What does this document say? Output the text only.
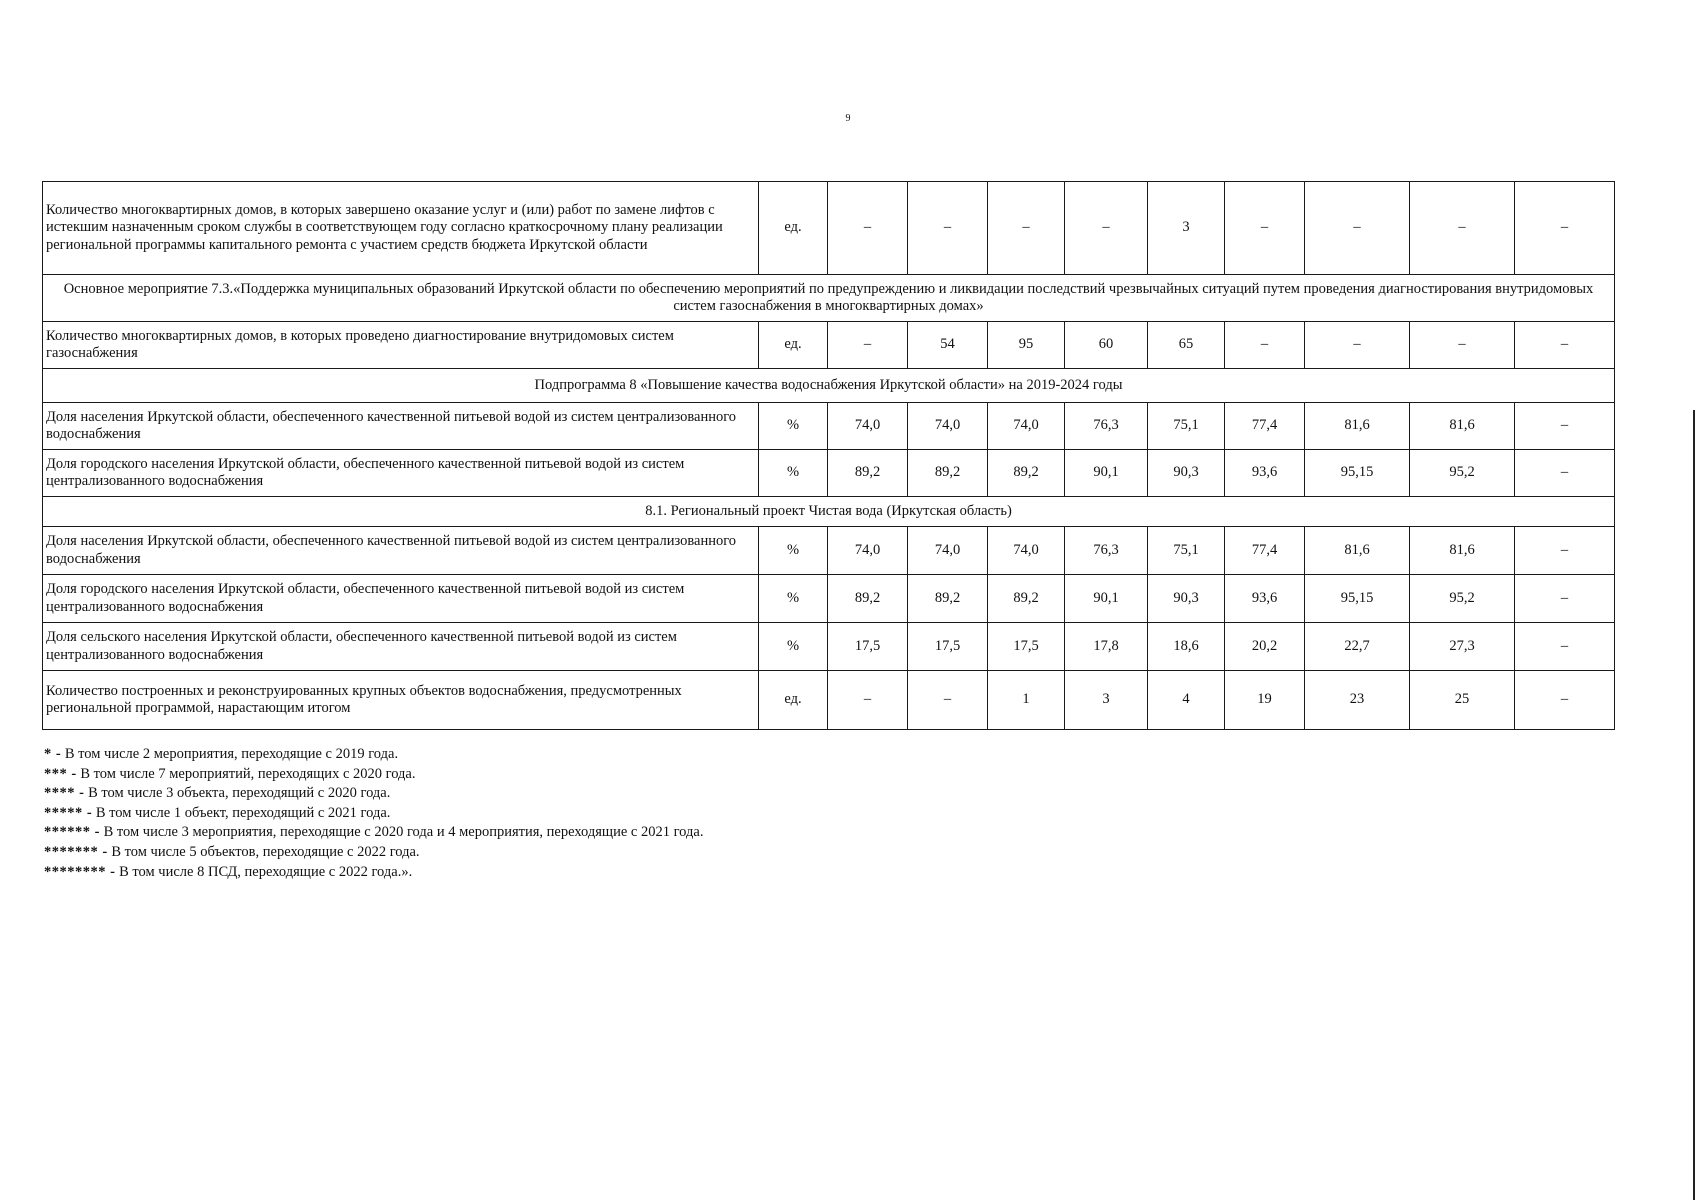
9
Количество многоквартирных домов, в которых завершено оказание услуг и (или) работ по замене лифтов с истекшим назначенным сроком службы в соответствующем году согласно краткосрочному плану реализации региональной программы капитального ремонта с участием средств бюджета Иркутской области	ед.	–	–	–	–	3	–	–	–	–
Основное мероприятие 7.3.«Поддержка муниципальных образований Иркутской области по обеспечению мероприятий по предупреждению и ликвидации последствий чрезвычайных ситуаций путем проведения диагностирования внутридомовых систем газоснабжения в многоквартирных домах»										
Количество многоквартирных домов, в которых проведено диагностирование внутридомовых систем газоснабжения	ед.	–	54	95	60	65	–	–	–	–
Подпрограмма 8 «Повышение качества водоснабжения Иркутской области» на 2019-2024 годы										
Доля населения Иркутской области, обеспеченного качественной питьевой водой из систем централизованного водоснабжения	%	74,0	74,0	74,0	76,3	75,1	77,4	81,6	81,6	–
Доля городского населения Иркутской области, обеспеченного качественной питьевой водой из систем централизованного водоснабжения	%	89,2	89,2	89,2	90,1	90,3	93,6	95,15	95,2	–
8.1. Региональный проект Чистая вода (Иркутская область)										
Доля населения Иркутской области, обеспеченного качественной питьевой водой из систем централизованного водоснабжения	%	74,0	74,0	74,0	76,3	75,1	77,4	81,6	81,6	–
Доля городского населения Иркутской области, обеспеченного качественной питьевой водой из систем централизованного водоснабжения	%	89,2	89,2	89,2	90,1	90,3	93,6	95,15	95,2	–
Доля сельского населения Иркутской области, обеспеченного качественной питьевой водой из систем централизованного водоснабжения	%	17,5	17,5	17,5	17,8	18,6	20,2	22,7	27,3	–
Количество построенных и реконструированных крупных объектов водоснабжения, предусмотренных региональной программой, нарастающим итогом	ед.	–	–	1	3	4	19	23	25	–
* - В том числе 2 мероприятия, переходящие с 2019 года.
*** - В том числе 7 мероприятий, переходящих с 2020 года.
**** - В том числе 3 объекта, переходящий с 2020 года.
***** - В том числе 1 объект, переходящий с 2021 года.
****** - В том числе 3 мероприятия, переходящие с 2020 года и 4 мероприятия, переходящие с 2021 года.
******* - В том числе 5 объектов, переходящие с 2022 года.
******** - В том числе 8 ПСД, переходящие с 2022 года.».
